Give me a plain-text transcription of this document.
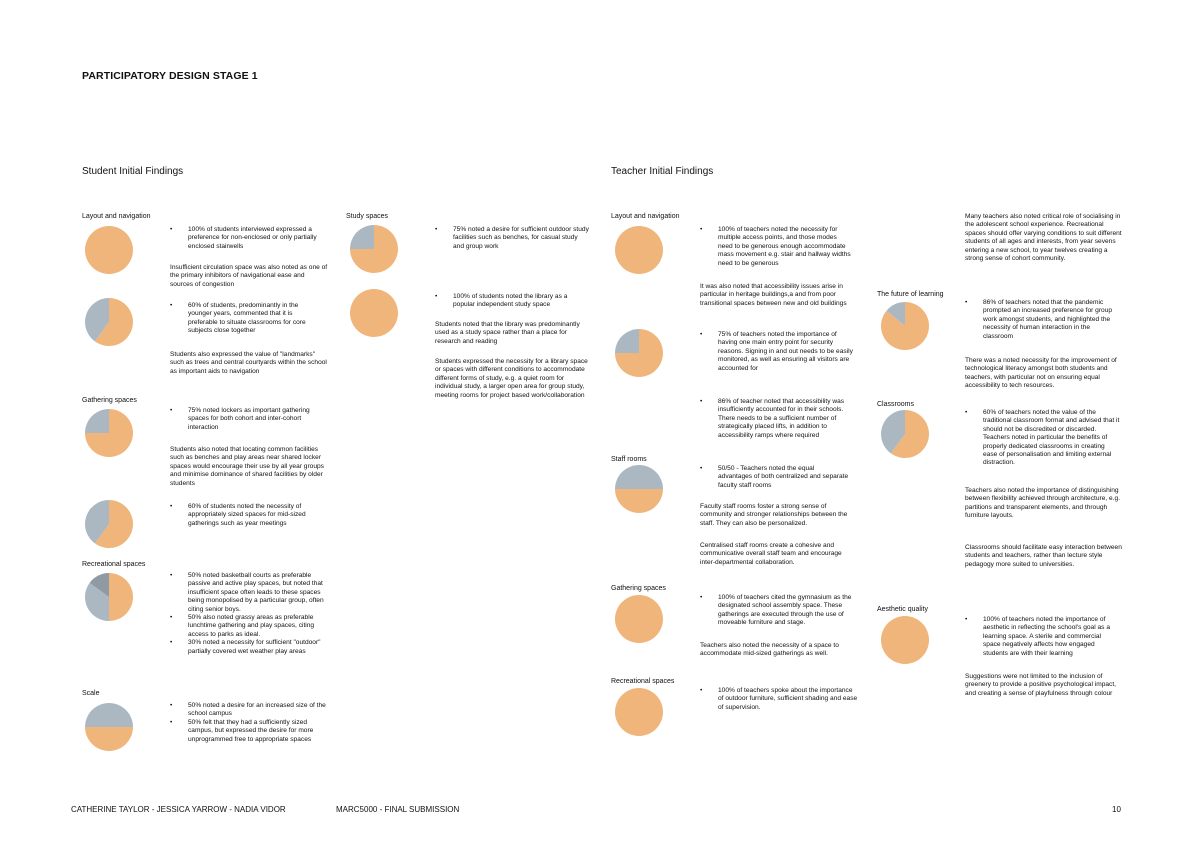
PARTICIPATORY DESIGN STAGE 1
Student Initial Findings
Layout and navigation
• 100% of students interviewed expressed a preference for non-enclosed or only partially enclosed stairwells
Insufficient circulation space was also noted as one of the primary inhibitors of navigational ease and sources of congestion
• 60% of students, predominantly in the younger years, commented that it is preferable to situate classrooms for core subjects close together
Students also expressed the value of "landmarks" such as trees and central courtyards within the school as important aids to navigation
Gathering spaces
• 75% noted lockers as important gathering spaces for both cohort and inter-cohort interaction
Students also noted that locating common facilities such as benches and play areas near shared locker spaces would encourage their use by all year groups and minimise dominance of shared facilities by older students
• 60% of students noted the necessity of appropriately sized spaces for mid-sized gatherings such as year meetings
Recreational spaces
• 50% noted basketball courts as preferable passive and active play spaces, but noted that insufficient space often leads to these spaces being monopolised by a particular group, often citing senior boys.
• 50% also noted grassy areas as preferable lunchtime gathering and play spaces, citing access to parks as ideal.
• 30% noted a necessity for sufficient "outdoor" partially covered wet weather play areas
Scale
• 50% noted a desire for an increased size of the school campus
• 50% felt that they had a sufficiently sized campus, but expressed the desire for more unprogrammed free to appropriate spaces
Study spaces
• 75% noted a desire for sufficient outdoor study facilities such as benches, for casual study and group work
• 100% of students noted the library as a popular independent study space
Students noted that the library was predominantly used as a study space rather than a place for research and reading
Students expressed the necessity for a library space or spaces with different conditions to accommodate different forms of study, e.g. a quiet room for individual study, a larger open area for group study, meeting rooms for project based work/collaboration
Teacher Initial Findings
Layout and navigation
• 100% of teachers noted the necessity for multiple access points, and those modes need to be generous enough accommodate mass movement e.g. stair and hallway widths need to be generous
It was also noted that accessibility issues arise in particular in heritage buildings,a and from poor transitional spaces between new and old buildings
• 75% of teachers noted the importance of having one main entry point for security reasons. Signing in and out needs to be easily monitored, as well as ensuring all visitors are accounted for
• 86% of teacher noted that accessibility was insufficiently accounted for in their schools. There needs to be a sufficient number of strategically placed lifts, in addition to accessibility ramps where required
Staff rooms
• 50/50 - Teachers noted the equal advantages of both centralized and separate faculty staff rooms
Faculty staff rooms foster a strong sense of community and stronger relationships between the staff. They can also be personalized.
Centralised staff rooms create a cohesive and communicative overall staff team and encourage inter-departmental collaboration.
Gathering spaces
• 100% of teachers cited the gymnasium as the designated school assembly space. These gatherings are executed through the use of moveable furniture and stage.
Teachers also noted the necessity of a space to accommodate mid-sized gatherings as well.
Recreational spaces
• 100% of teachers spoke about the importance of outdoor furniture, sufficient shading and ease of supervision.
Many teachers also noted critical role of socialising in the adolescent school experience. Recreational spaces should offer varying conditions to suit different students of all ages and interests, from year sevens entering a new school, to year twelves creating a strong sense of cohort community.
The future of learning
• 86% of teachers noted that the pandemic prompted an increased preference for group work amongst students, and highlighted the necessity of human interaction in the classroom
There was a noted necessity for the improvement of technological literacy amongst both students and teachers, with particular not on ensuring equal accessibility to tech resources.
Classrooms
• 60% of teachers noted the value of the traditional classroom format and advised that it should not be discredited or discarded. Teachers noted in particular the benefits of properly dedicated classrooms in creating ease of personalisation and limiting external distraction.
Teachers also noted the importance of distinguishing between flexibility achieved through architecture, e.g. partitions and transparent elements, and through furniture layouts.
Classrooms should facilitate easy interaction between students and teachers, rather than lecture style pedagogy more suited to universities.
Aesthetic quality
• 100% of teachers noted the importance of aesthetic in reflecting the school's goal as a learning space. A sterile and commercial space negatively affects how engaged students are with their learning
Suggestions were not limited to the inclusion of greenery to provide a positive psychological impact, and creating a sense of playfulness through colour
CATHERINE TAYLOR - JESSICA YARROW - NADIA VIDOR	MARC5000 - FINAL SUBMISSION	10
